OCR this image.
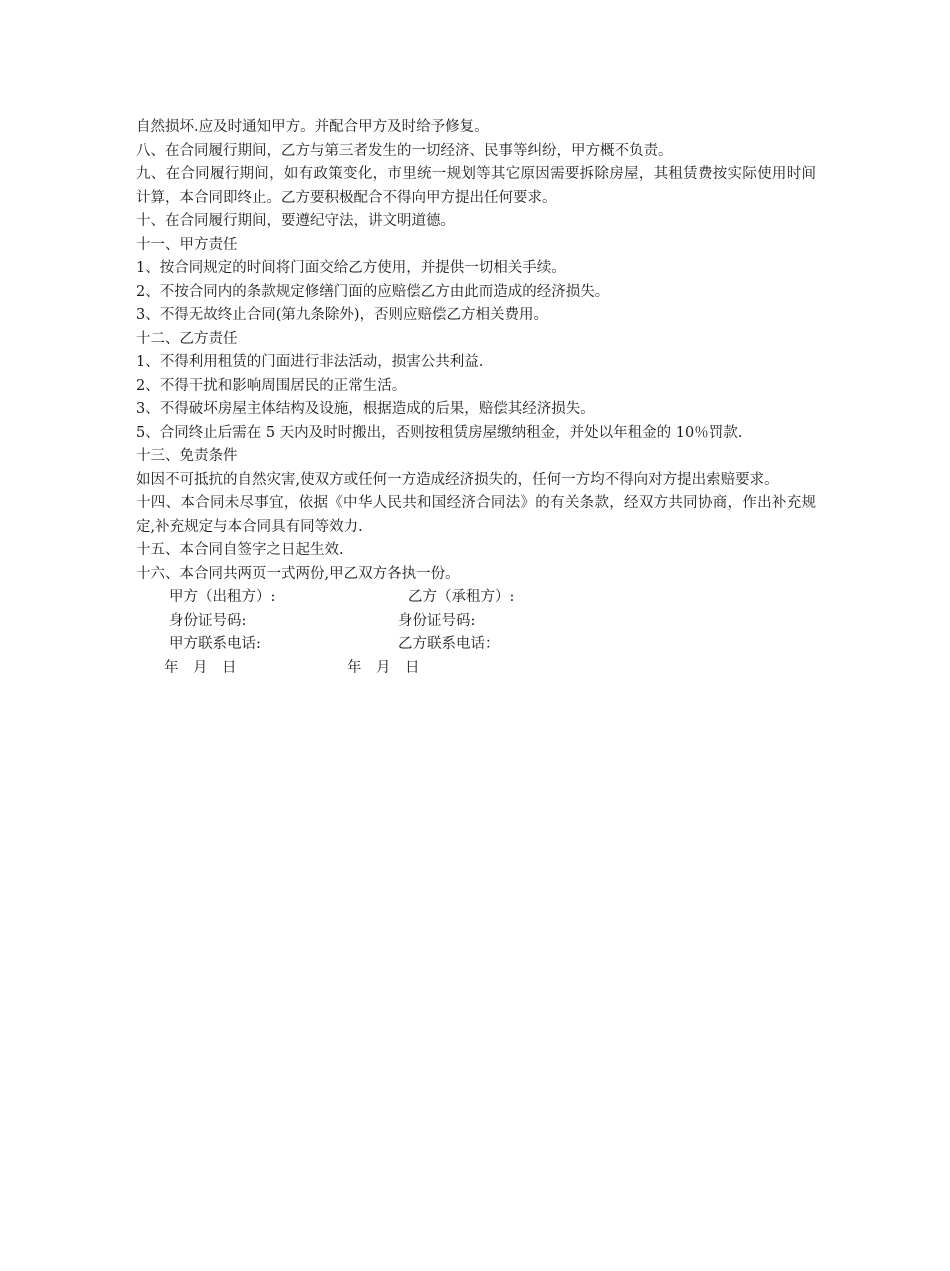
自然损坏.应及时通知甲方。并配合甲方及时给予修复。

八、在合同履行期间，乙方与第三者发生的一切经济、民事等纠纷，甲方概不负责。

九、在合同履行期间，如有政策变化，市里统一规划等其它原因需要拆除房屋，其租赁费按实际使用时间计算，本合同即终止。乙方要积极配合不得向甲方提出任何要求。

十、在合同履行期间，要遵纪守法，讲文明道德。

十一、甲方责任

1、按合同规定的时间将门面交给乙方使用，并提供一切相关手续。

2、不按合同内的条款规定修缮门面的应赔偿乙方由此而造成的经济损失。

3、不得无故终止合同(第九条除外)，否则应赔偿乙方相关费用。

十二、乙方责任

1、不得利用租赁的门面进行非法活动，损害公共利益.

2、不得干扰和影响周围居民的正常生活。

3、不得破坏房屋主体结构及设施，根据造成的后果，赔偿其经济损失。

5、合同终止后需在 5 天内及时时搬出，否则按租赁房屋缴纳租金，并处以年租金的 10％罚款.

十三、免责条件

如因不可抵抗的自然灾害,使双方或任何一方造成经济损失的，任何一方均不得向对方提出索赔要求。

十四、本合同未尽事宜，依据《中华人民共和国经济合同法》的有关条款，经双方共同协商，作出补充规定,补充规定与本合同具有同等效力.

十五、本合同自签字之日起生效.

十六、本合同共两页一式两份,甲乙双方各执一份。

甲方（出租方）:	乙方（承租方）:
身份证号码:	身份证号码:
甲方联系电话:	乙方联系电话：
年　月　日	年　月　日
